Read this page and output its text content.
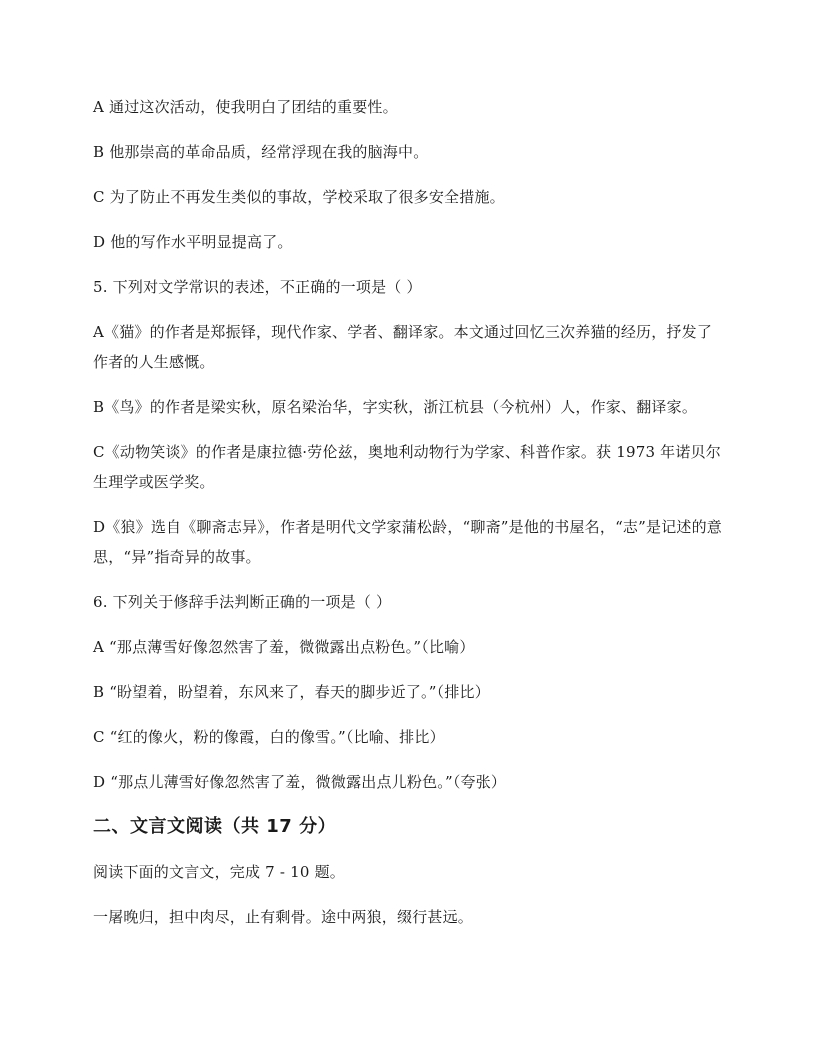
A 通过这次活动，使我明白了团结的重要性。

B 他那崇高的革命品质，经常浮现在我的脑海中。

C 为了防止不再发生类似的事故，学校采取了很多安全措施。

D 他的写作水平明显提高了。

5. 下列对文学常识的表述，不正确的一项是（ ）

A《猫》的作者是郑振铎，现代作家、学者、翻译家。本文通过回忆三次养猫的经历，抒发了作者的人生感慨。

B《鸟》的作者是梁实秋，原名梁治华，字实秋，浙江杭县（今杭州）人，作家、翻译家。

C《动物笑谈》的作者是康拉德·劳伦兹，奥地利动物行为学家、科普作家。获 1973 年诺贝尔生理学或医学奖。

D《狼》选自《聊斋志异》，作者是明代文学家蒲松龄，“聊斋”是他的书屋名，“志”是记述的意思，“异”指奇异的故事。

6. 下列关于修辞手法判断正确的一项是（ ）

A “那点薄雪好像忽然害了羞，微微露出点粉色。”（比喻）

B “盼望着，盼望着，东风来了，春天的脚步近了。”（排比）

C “红的像火，粉的像霞，白的像雪。”（比喻、排比）

D “那点儿薄雪好像忽然害了羞，微微露出点儿粉色。”（夸张）

二、文言文阅读（共 17 分）

阅读下面的文言文，完成 7 - 10 题。

一屠晚归，担中肉尽，止有剩骨。途中两狼，缀行甚远。
